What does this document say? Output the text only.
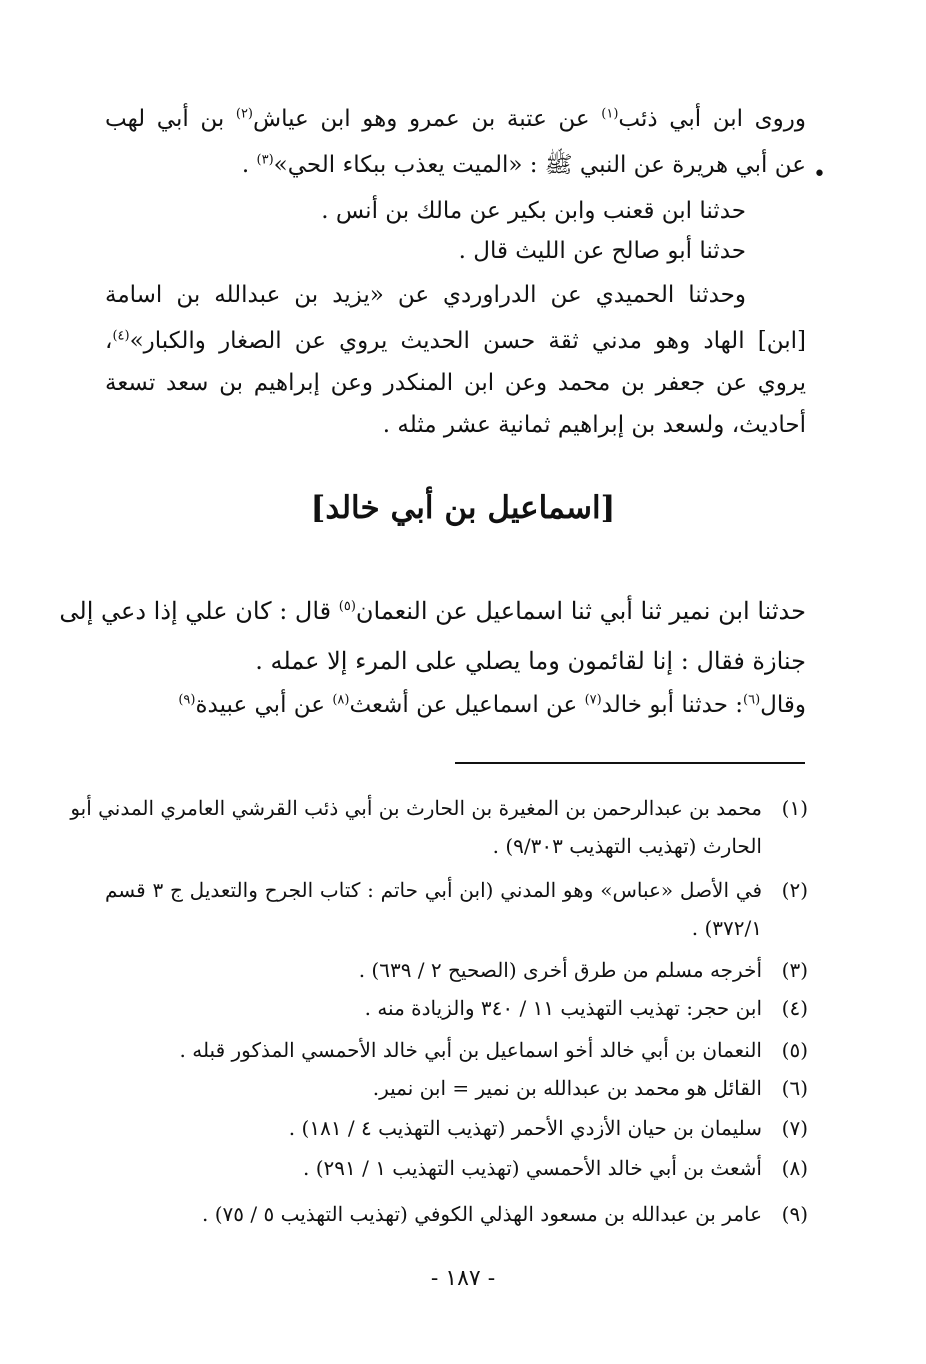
وروى ابن أبي ذئب$^{(١)}$ عن عتبة بن عمرو وهو ابن عياش$^{(٢)}$ بن أبي لهب
•
عن أبي هريرة عن النبي ﷺ : «الميت يعذب ببكاء الحي»$^{(٣)}$ .
حدثنا ابن قعنب وابن بكير عن مالك بن أنس .
حدثنا أبو صالح عن الليث قال .
وحدثنا الحميدي عن الدراوردي عن «يزيد بن عبدالله بن اسامة
[ابن] الهاد وهو مدني ثقة حسن الحديث يروي عن الصغار والكبار»$^{(٤)}$،
يروي عن جعفر بن محمد وعن ابن المنكدر وعن إبراهيم بن سعد تسعة
أحاديث، ولسعد بن إبراهيم ثمانية عشر مثله .
[اسماعيل بن أبي خالد]
حدثنا ابن نمير ثنا أبي ثنا اسماعيل عن النعمان$^{(٥)}$ قال : كان علي إذا دعي إلى
جنازة فقال : إنا لقائمون وما يصلي على المرء إلا عمله .
وقال$^{(٦)}$: حدثنا أبو خالد$^{(٧)}$ عن اسماعيل عن أشعث$^{(٨)}$ عن أبي عبيدة$^{(٩)}$
(١)محمد بن عبدالرحمن بن المغيرة بن الحارث بن أبي ذئب القرشي العامري المدني أبو
الحارث (تهذيب التهذيب ٩/٣٠٣) .
(٢)في الأصل «عباس» وهو المدني (ابن أبي حاتم : كتاب الجرح والتعديل ج ٣ قسم
٣٧٢/١) .
(٣)أخرجه مسلم من طرق أخرى (الصحيح ٢ / ٦٣٩) .
(٤)ابن حجر: تهذيب التهذيب ١١ / ٣٤٠ والزيادة منه .
(٥)النعمان بن أبي خالد أخو اسماعيل بن أبي خالد الأحمسي المذكور قبله .
(٦)القائل هو محمد بن عبدالله بن نمير = ابن نمير.
(٧)سليمان بن حيان الأزدي الأحمر (تهذيب التهذيب ٤ / ١٨١) .
(٨)أشعث بن أبي خالد الأحمسي (تهذيب التهذيب ١ / ٢٩١) .
(٩)عامر بن عبدالله بن مسعود الهذلي الكوفي (تهذيب التهذيب ٥ / ٧٥) .
- ١٨٧ -
